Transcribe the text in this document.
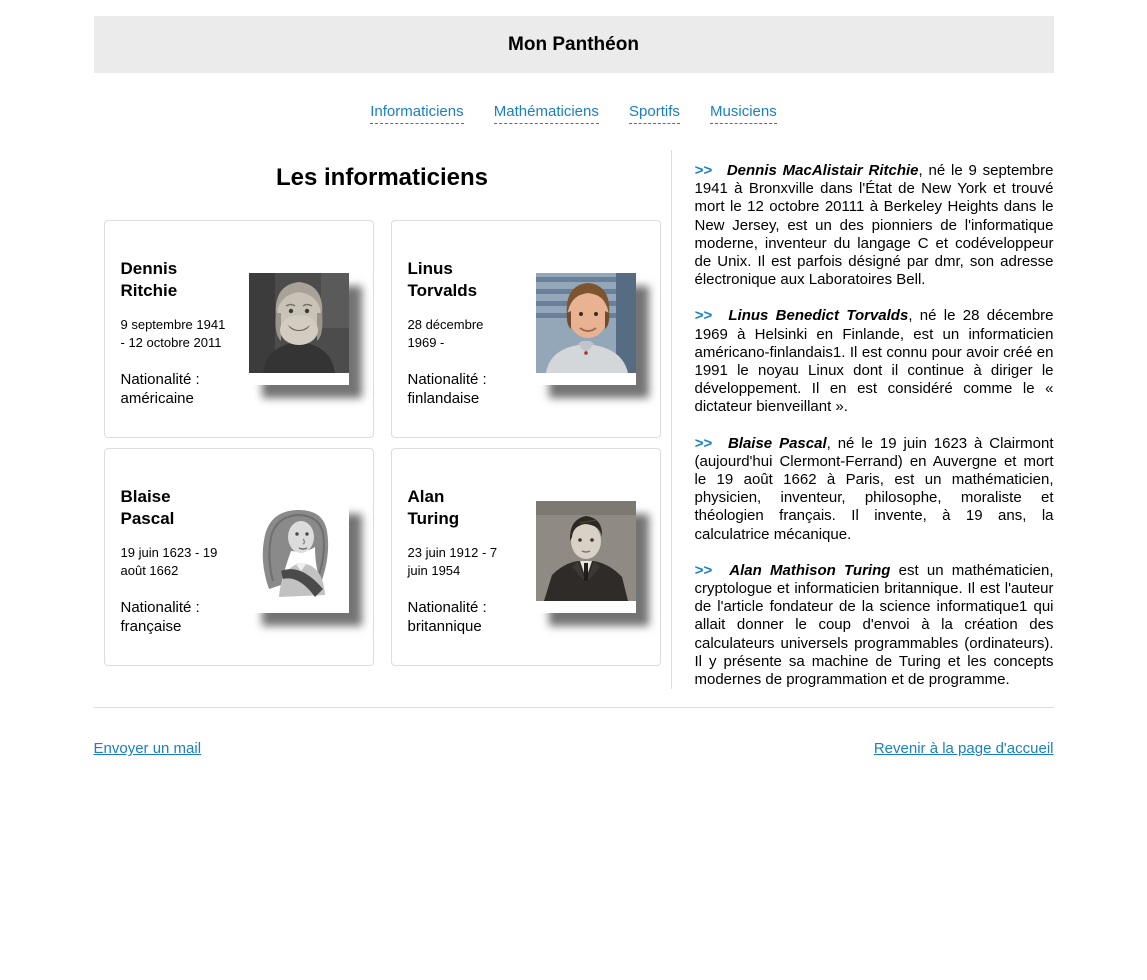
Mon Panthéon
Informaticiens Mathématiciens Sportifs Musiciens
Les informaticiens
Dennis
Ritchie

9 septembre 1941 - 12 octobre 2011

Nationalité : américaine

Linus
Torvalds

28 décembre 1969 -

Nationalité : finlandaise

Blaise
Pascal

19 juin 1623 - 19 août 1662

Nationalité : française

Alan
Turing

23 juin 1912 - 7 juin 1954

Nationalité : britannique

>> Dennis MacAlistair Ritchie, né le 9 septembre 1941 à Bronxville dans l'État de New York et trouvé mort le 12 octobre 20111 à Berkeley Heights dans le New Jersey, est un des pionniers de l'informatique moderne, inventeur du langage C et codéveloppeur de Unix. Il est parfois désigné par dmr, son adresse électronique aux Laboratoires Bell.

>> Linus Benedict Torvalds, né le 28 décembre 1969 à Helsinki en Finlande, est un informaticien américano-finlandais1. Il est connu pour avoir créé en 1991 le noyau Linux dont il continue à diriger le développement. Il en est considéré comme le « dictateur bienveillant ».

>> Blaise Pascal, né le 19 juin 1623 à Clairmont (aujourd'hui Clermont-Ferrand) en Auvergne et mort le 19 août 1662 à Paris, est un mathématicien, physicien, inventeur, philosophe, moraliste et théologien français. Il invente, à 19 ans, la calculatrice mécanique.

>> Alan Mathison Turing est un mathématicien, cryptologue et informaticien britannique. Il est l'auteur de l'article fondateur de la science informatique1 qui allait donner le coup d'envoi à la création des calculateurs universels programmables (ordinateurs). Il y présente sa machine de Turing et les concepts modernes de programmation et de programme.

Envoyer un mail	Revenir à la page d'accueil
